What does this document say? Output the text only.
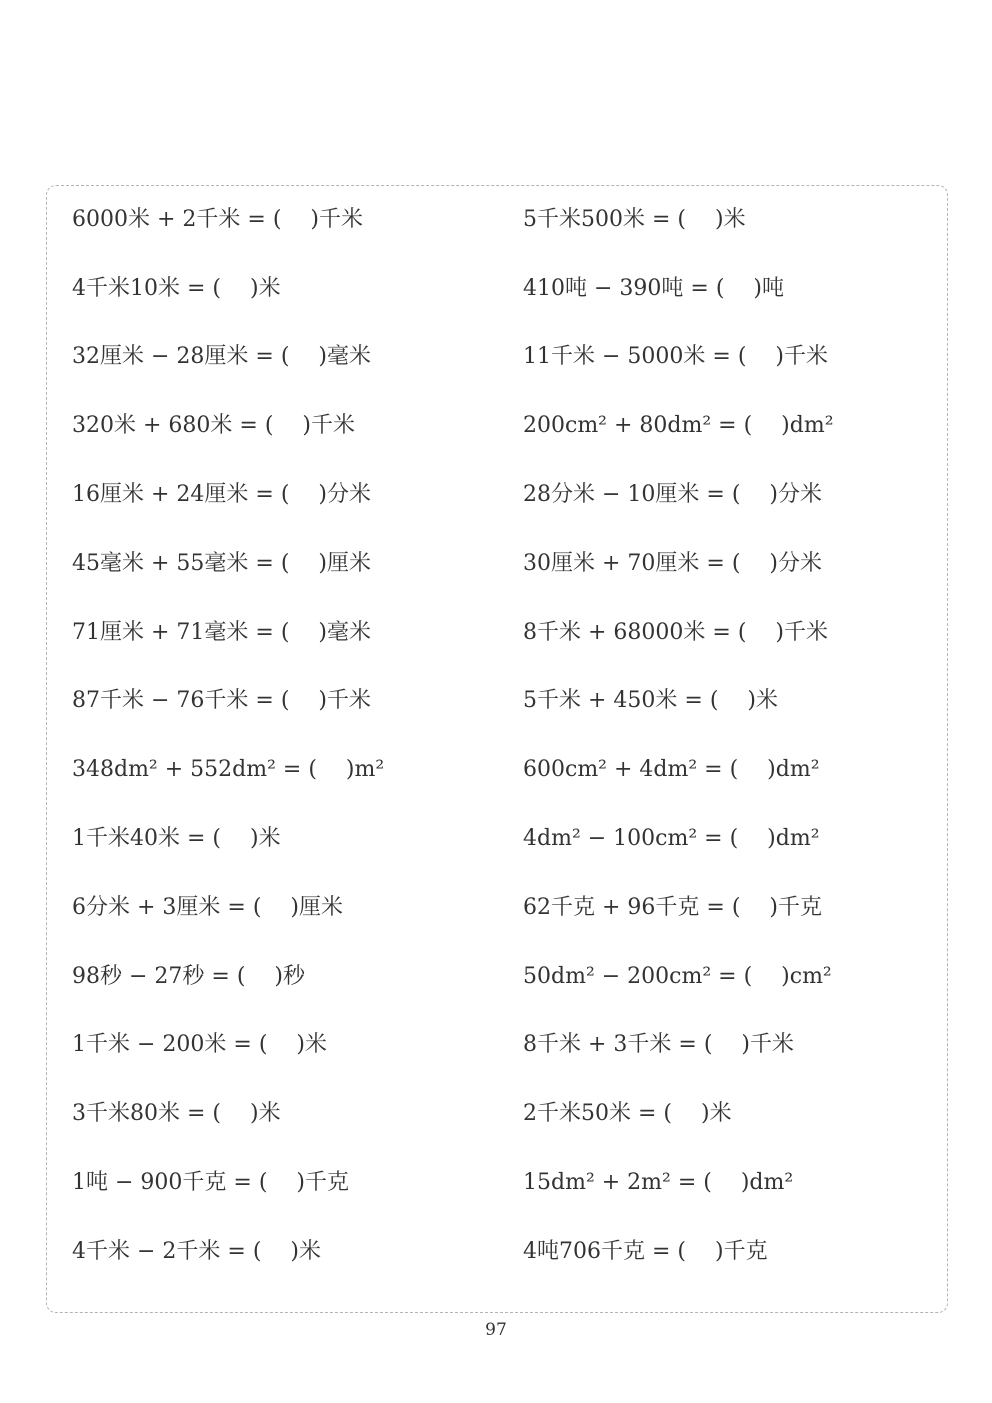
6000米 + 2千米 = (　 )千米	5千米500米 = (　 )米
4千米10米 = (　 )米	410吨 − 390吨 = (　 )吨
32厘米 − 28厘米 = (　 )毫米	11千米 − 5000米 = (　 )千米
320米 + 680米 = (　 )千米	200cm² + 80dm² = (　 )dm²
16厘米 + 24厘米 = (　 )分米	28分米 − 10厘米 = (　 )分米
45毫米 + 55毫米 = (　 )厘米	30厘米 + 70厘米 = (　 )分米
71厘米 + 71毫米 = (　 )毫米	8千米 + 68000米 = (　 )千米
87千米 − 76千米 = (　 )千米	5千米 + 450米 = (　 )米
348dm² + 552dm² = (　 )m²	600cm² + 4dm² = (　 )dm²
1千米40米 = (　 )米	4dm² − 100cm² = (　 )dm²
6分米 + 3厘米 = (　 )厘米	62千克 + 96千克 = (　 )千克
98秒 − 27秒 = (　 )秒	50dm² − 200cm² = (　 )cm²
1千米 − 200米 = (　 )米	8千米 + 3千米 = (　 )千米
3千米80米 = (　 )米	2千米50米 = (　 )米
1吨 − 900千克 = (　 )千克	15dm² + 2m² = (　 )dm²
4千米 − 2千米 = (　 )米	4吨706千克 = (　 )千克
97
